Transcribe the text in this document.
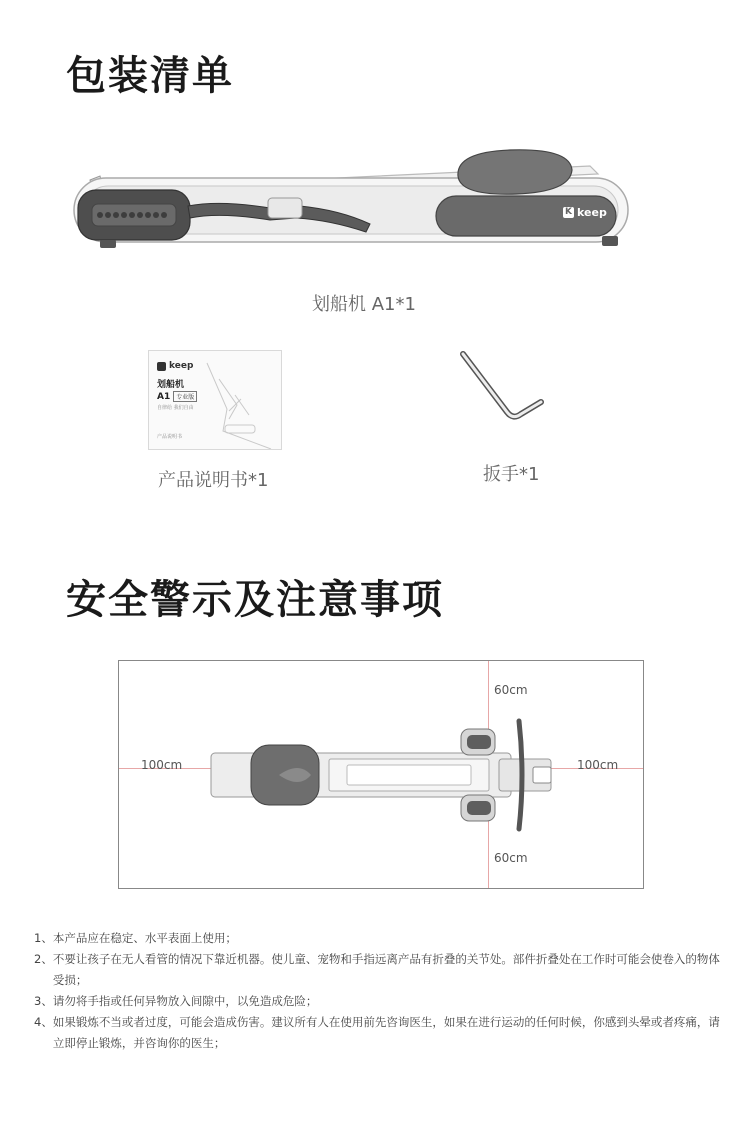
包装清单
K keep
划船机 A1*1
keep
划船机
A1	专业版
自律给 我们自由
产品说明书
产品说明书*1	扳手*1
安全警示及注意事项
60cm
60cm
100cm	100cm
1、 本产品应在稳定、水平表面上使用；
2、 不要让孩子在无人看管的情况下靠近机器。使儿童、宠物和手指远离产品有折叠的关节处。部件折叠处在工作时可能会使卷入的物体受损；
3、 请勿将手指或任何异物放入间隙中，以免造成危险；
4、 如果锻炼不当或者过度，可能会造成伤害。建议所有人在使用前先咨询医生，如果在进行运动的任何时候，你感到头晕或者疼痛，请立即停止锻炼，并咨询你的医生；
